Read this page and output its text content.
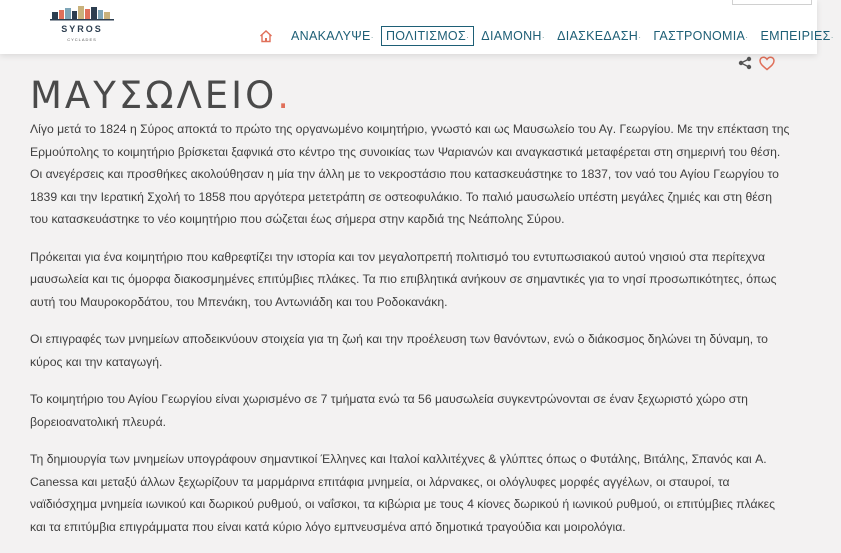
SYROS
CYCLADES	ΑΝΑΚΑΛΥΨΕ· ΠΟΛΙΤΙΣΜΟΣ· ΔΙΑΜΟΝΗ· ΔΙΑΣΚΕΔΑΣΗ· ΓΑΣΤΡΟΝΟΜΙΑ· ΕΜΠΕΙΡΙΕΣ·
ΜΑΥΣΩΛΕΙΟ.

Λίγο μετά το 1824 η Σύρος αποκτά το πρώτο της οργανωμένο κοιμητήριο, γνωστό και ως Μαυσωλείο του Αγ. Γεωργίου. Με την επέκταση της Ερμούπολης το κοιμητήριο βρίσκεται ξαφνικά στο κέντρο της συνοικίας των Ψαριανών και αναγκαστικά μεταφέρεται στη σημερινή του θέση. Οι ανεγέρσεις και προσθήκες ακολούθησαν η μία την άλλη με το νεκροστάσιο που κατασκευάστηκε το 1837, τον ναό του Αγίου Γεωργίου το 1839 και την Ιερατική Σχολή το 1858 που αργότερα μετετράπη σε οστεοφυλάκιο. Το παλιό μαυσωλείο υπέστη μεγάλες ζημιές και στη θέση του κατασκευάστηκε το νέο κοιμητήριο που σώζεται έως σήμερα στην καρδιά της Νεάπολης Σύρου.

Πρόκειται για ένα κοιμητήριο που καθρεφτίζει την ιστορία και τον μεγαλοπρεπή πολιτισμό του εντυπωσιακού αυτού νησιού στα περίτεχνα μαυσωλεία και τις όμορφα διακοσμημένες επιτύμβιες πλάκες. Τα πιο επιβλητικά ανήκουν σε σημαντικές για το νησί προσωπικότητες, όπως αυτή του Μαυροκορδάτου, του Μπενάκη, του Αντωνιάδη και του Ροδοκανάκη.

Οι επιγραφές των μνημείων αποδεικνύουν στοιχεία για τη ζωή και την προέλευση των θανόντων, ενώ ο διάκοσμος δηλώνει τη δύναμη, το κύρος και την καταγωγή.

Το κοιμητήριο του Αγίου Γεωργίου είναι χωρισμένο σε 7 τμήματα ενώ τα 56 μαυσωλεία συγκεντρώνονται σε έναν ξεχωριστό χώρο στη βορειοανατολική πλευρά.

Τη δημιουργία των μνημείων υπογράφουν σημαντικοί Έλληνες και Ιταλοί καλλιτέχνες & γλύπτες όπως ο Φυτάλης, Βιτάλης, Σπανός και A. Canessa και μεταξύ άλλων ξεχωρίζουν τα μαρμάρινα επιτάφια μνημεία, οι λάρνακες, οι ολόγλυφες μορφές αγγέλων, οι σταυροί, τα ναϊδιόσχημα μνημεία ιωνικού και δωρικού ρυθμού, οι ναΐσκοι, τα κιβώρια με τους 4 κίονες δωρικού ή ιωνικού ρυθμού, οι επιτύμβιες πλάκες και τα επιτύμβια επιγράμματα που είναι κατά κύριο λόγο εμπνευσμένα από δημοτικά τραγούδια και μοιρολόγια.
